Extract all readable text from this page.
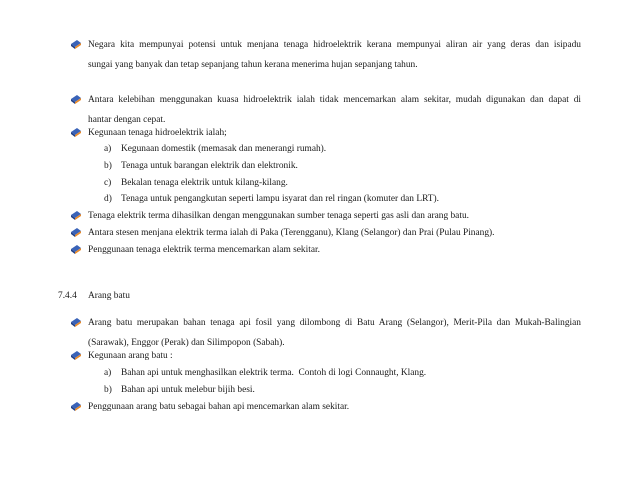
Negara kita mempunyai potensi untuk menjana tenaga hidroelektrik kerana mempunyai aliran air yang deras dan isipadu
sungai yang banyak dan tetap sepanjang tahun kerana menerima hujan sepanjang tahun.
Antara kelebihan menggunakan kuasa hidroelektrik ialah tidak mencemarkan alam sekitar, mudah digunakan dan dapat di
hantar dengan cepat.
Kegunaan tenaga hidroelektrik ialah;
a) Kegunaan domestik (memasak dan menerangi rumah).
b) Tenaga untuk barangan elektrik dan elektronik.
c) Bekalan tenaga elektrik untuk kilang-kilang.
d) Tenaga untuk pengangkutan seperti lampu isyarat dan rel ringan (komuter dan LRT).
Tenaga elektrik terma dihasilkan dengan menggunakan sumber tenaga seperti gas asli dan arang batu.
Antara stesen menjana elektrik terma ialah di Paka (Terengganu), Klang (Selangor) dan Prai (Pulau Pinang).
Penggunaan tenaga elektrik terma mencemarkan alam sekitar.
7.4.4 Arang batu
Arang batu merupakan bahan tenaga api fosil yang dilombong di Batu Arang (Selangor), Merit-Pila dan Mukah-Balingian
(Sarawak), Enggor (Perak) dan Silimpopon (Sabah).
Kegunaan arang batu :
a) Bahan api untuk menghasilkan elektrik terma.  Contoh di logi Connaught, Klang.
b) Bahan api untuk melebur bijih besi.
Penggunaan arang batu sebagai bahan api mencemarkan alam sekitar.
